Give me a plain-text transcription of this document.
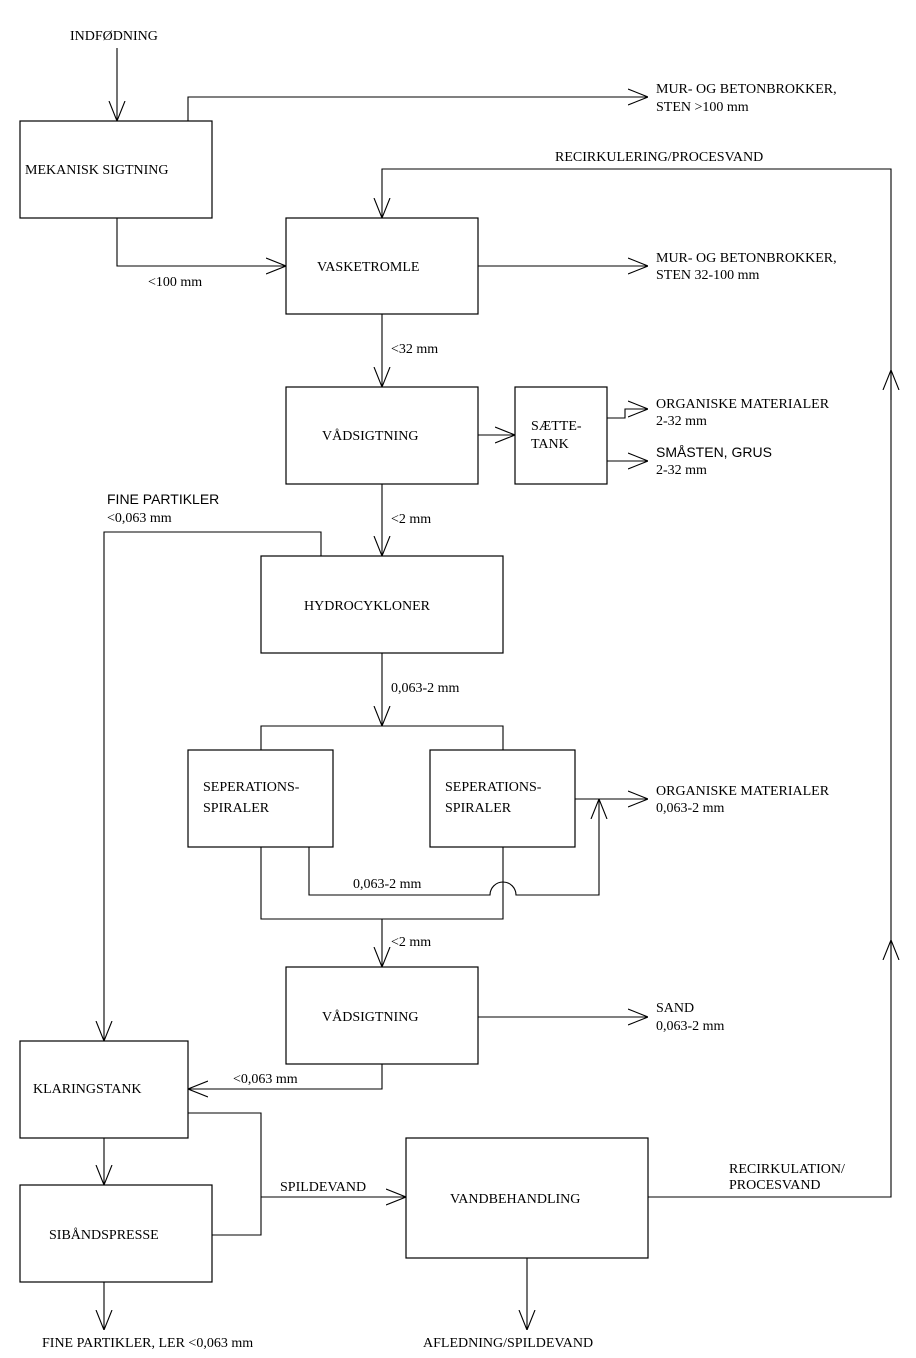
MEKANISK SIGTNING
VASKETROMLE
VÅDSIGTNING
SÆTTE-
TANK
HYDROCYKLONER
SEPERATIONS-
SPIRALER
SEPERATIONS-
SPIRALER
VÅDSIGTNING
KLARINGSTANK
SIBÅNDSPRESSE
VANDBEHANDLING
INDFØDNING
MUR- OG BETONBROKKER,
STEN >100 mm
RECIRKULERING/PROCESVAND
<100 mm
MUR- OG BETONBROKKER,
STEN 32-100 mm
<32 mm
ORGANISKE MATERIALER
2-32 mm
SMÅSTEN, GRUS
2-32 mm
FINE PARTIKLER
<0,063 mm	<2 mm
0,063-2 mm
ORGANISKE MATERIALER
0,063-2 mm
0,063-2 mm
<2 mm
SAND
0,063-2 mm
<0,063 mm
RECIRKULATION/
PROCESVAND
SPILDEVAND
FINE PARTIKLER, LER <0,063 mm	AFLEDNING/SPILDEVAND
